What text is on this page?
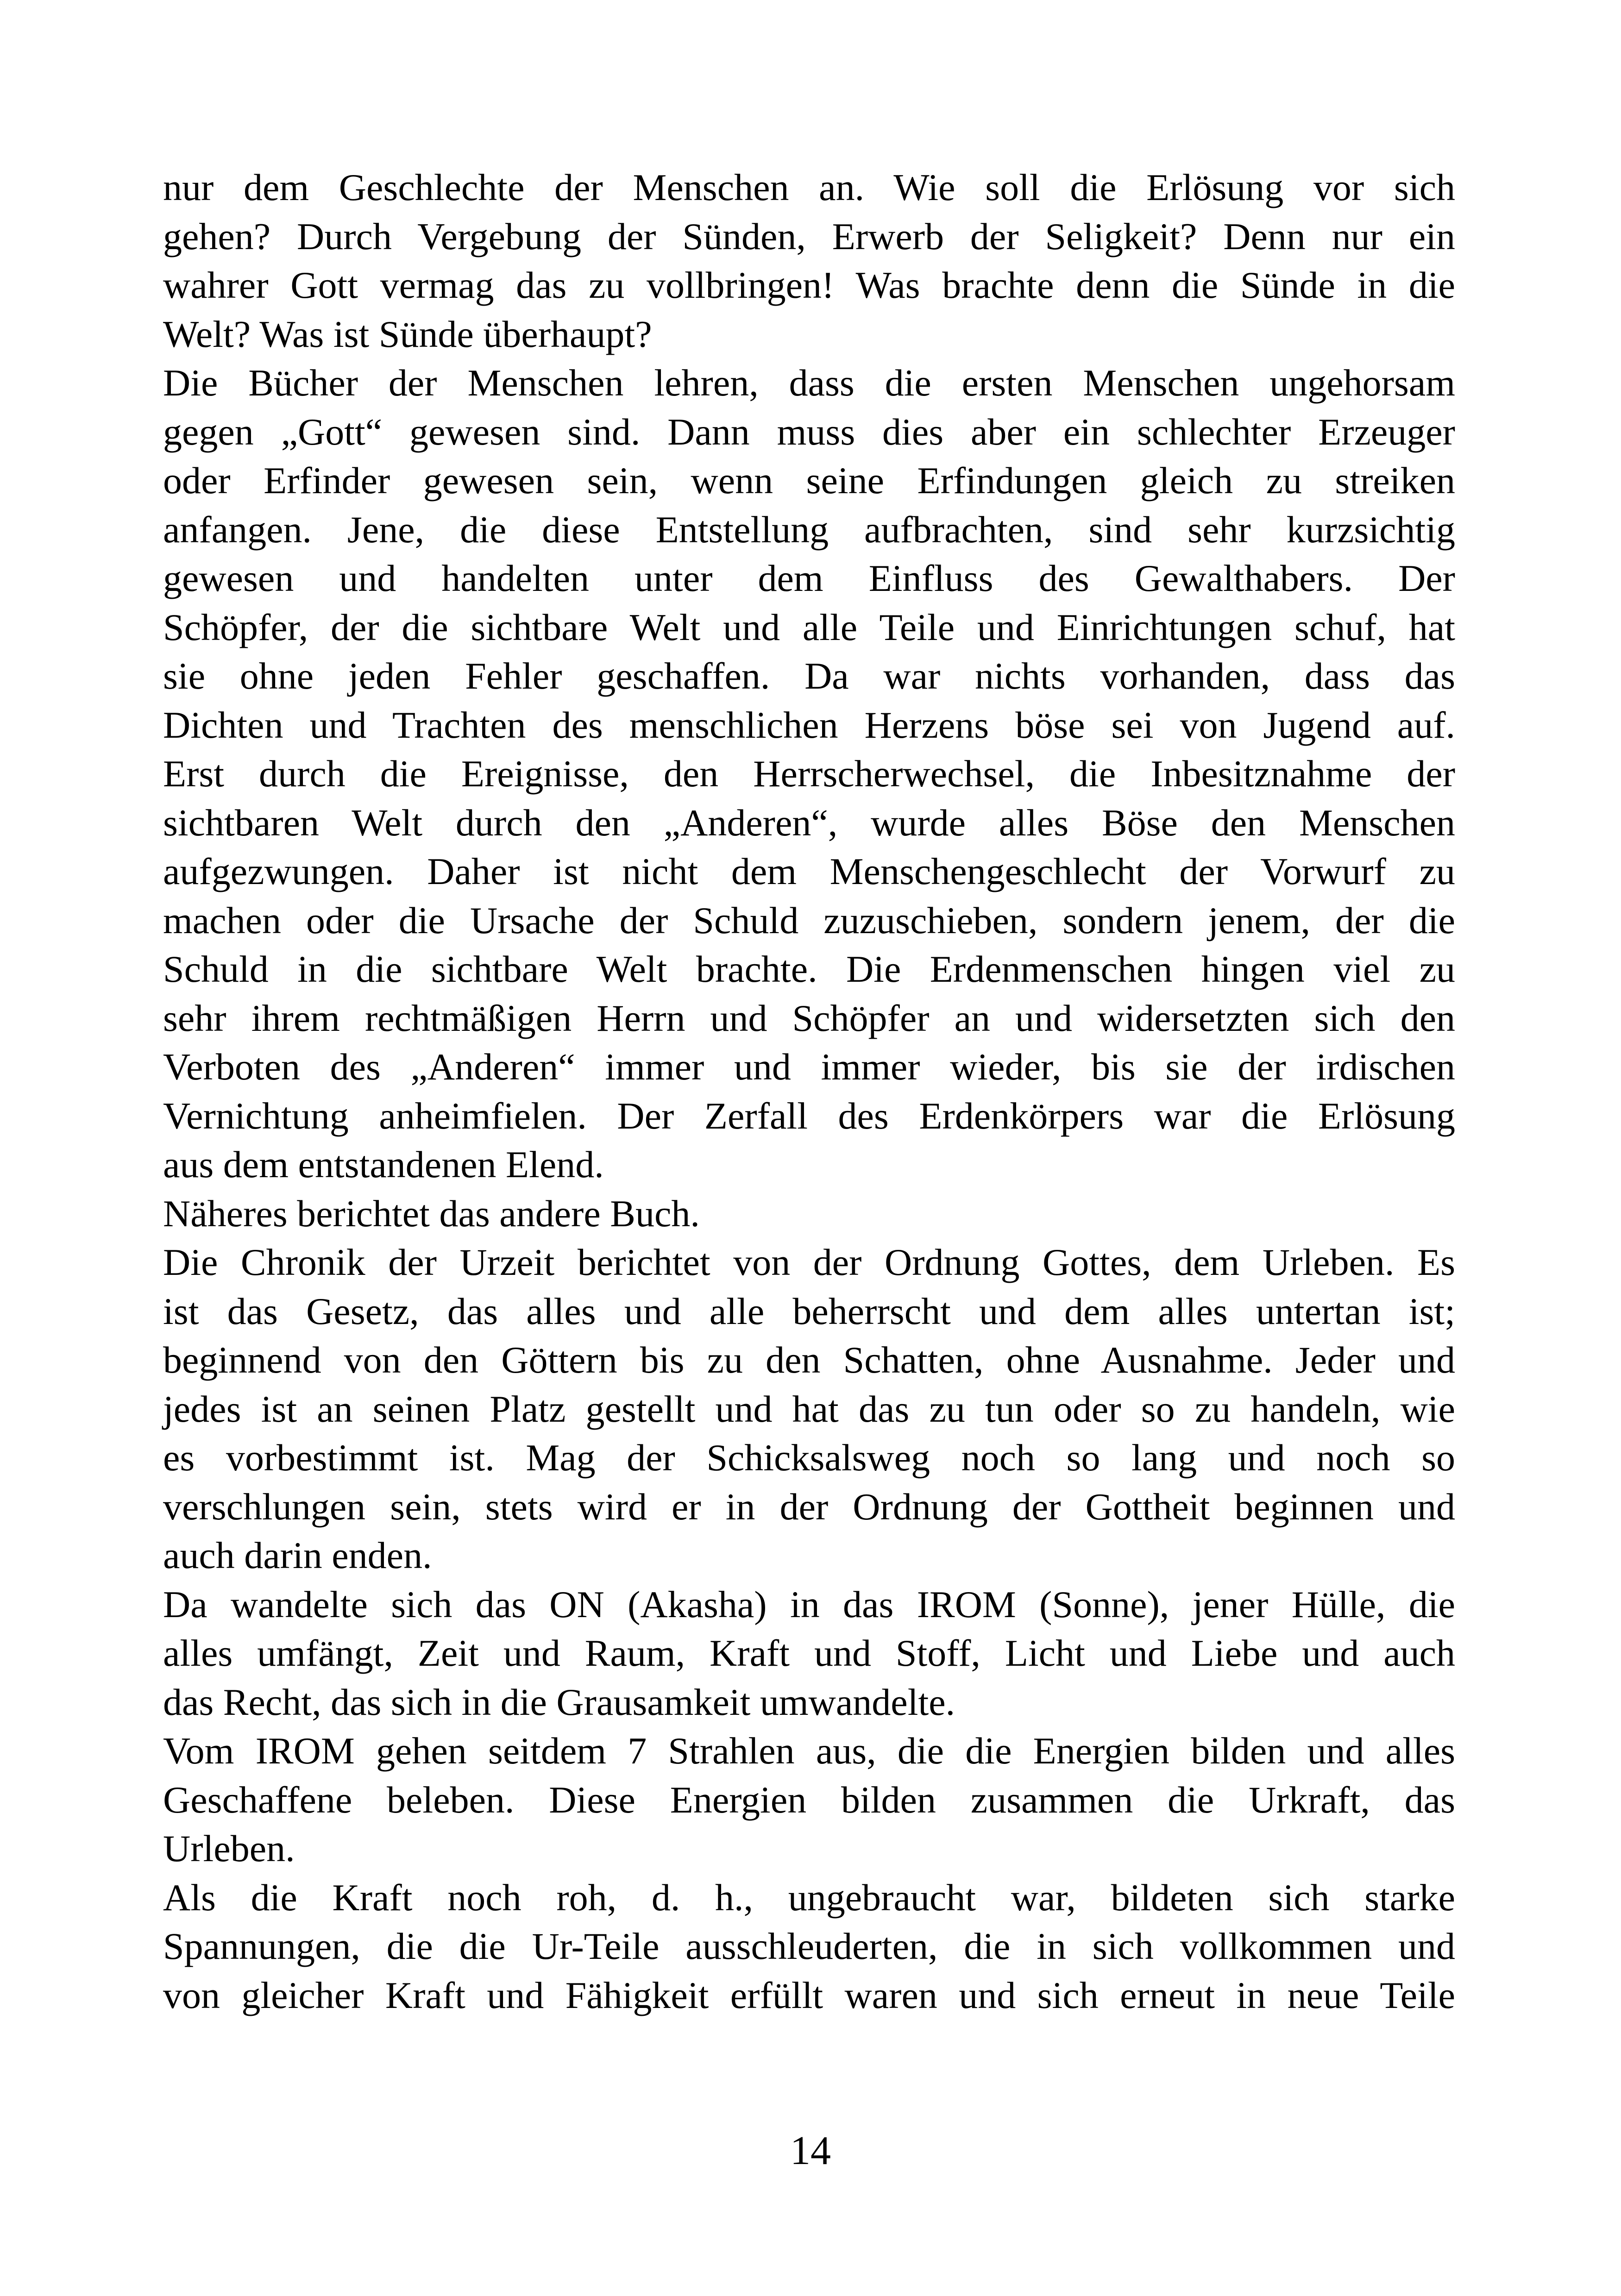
nur dem Geschlechte der Menschen an. Wie soll die Erlösung vor sich
gehen? Durch Vergebung der Sünden, Erwerb der Seligkeit? Denn nur ein
wahrer Gott vermag das zu vollbringen! Was brachte denn die Sünde in die
Welt? Was ist Sünde überhaupt?
Die Bücher der Menschen lehren, dass die ersten Menschen ungehorsam
gegen „Gott“ gewesen sind. Dann muss dies aber ein schlechter Erzeuger
oder Erfinder gewesen sein, wenn seine Erfindungen gleich zu streiken
anfangen. Jene, die diese Entstellung aufbrachten, sind sehr kurzsichtig
gewesen und handelten unter dem Einfluss des Gewalthabers. Der
Schöpfer, der die sichtbare Welt und alle Teile und Einrichtungen schuf, hat
sie ohne jeden Fehler geschaffen. Da war nichts vorhanden, dass das
Dichten und Trachten des menschlichen Herzens böse sei von Jugend auf.
Erst durch die Ereignisse, den Herrscherwechsel, die Inbesitznahme der
sichtbaren Welt durch den „Anderen“, wurde alles Böse den Menschen
aufgezwungen. Daher ist nicht dem Menschengeschlecht der Vorwurf zu
machen oder die Ursache der Schuld zuzuschieben, sondern jenem, der die
Schuld in die sichtbare Welt brachte. Die Erdenmenschen hingen viel zu
sehr ihrem rechtmäßigen Herrn und Schöpfer an und widersetzten sich den
Verboten des „Anderen“ immer und immer wieder, bis sie der irdischen
Vernichtung anheimfielen. Der Zerfall des Erdenkörpers war die Erlösung
aus dem entstandenen Elend.
Näheres berichtet das andere Buch.
Die Chronik der Urzeit berichtet von der Ordnung Gottes, dem Urleben. Es
ist das Gesetz, das alles und alle beherrscht und dem alles untertan ist;
beginnend von den Göttern bis zu den Schatten, ohne Ausnahme. Jeder und
jedes ist an seinen Platz gestellt und hat das zu tun oder so zu handeln, wie
es vorbestimmt ist. Mag der Schicksalsweg noch so lang und noch so
verschlungen sein, stets wird er in der Ordnung der Gottheit beginnen und
auch darin enden.
Da wandelte sich das ON (Akasha) in das IROM (Sonne), jener Hülle, die
alles umfängt, Zeit und Raum, Kraft und Stoff, Licht und Liebe und auch
das Recht, das sich in die Grausamkeit umwandelte.
Vom IROM gehen seitdem 7 Strahlen aus, die die Energien bilden und alles
Geschaffene beleben. Diese Energien bilden zusammen die Urkraft, das
Urleben.
Als die Kraft noch roh, d. h., ungebraucht war, bildeten sich starke
Spannungen, die die Ur-Teile ausschleuderten, die in sich vollkommen und
von gleicher Kraft und Fähigkeit erfüllt waren und sich erneut in neue Teile
14
